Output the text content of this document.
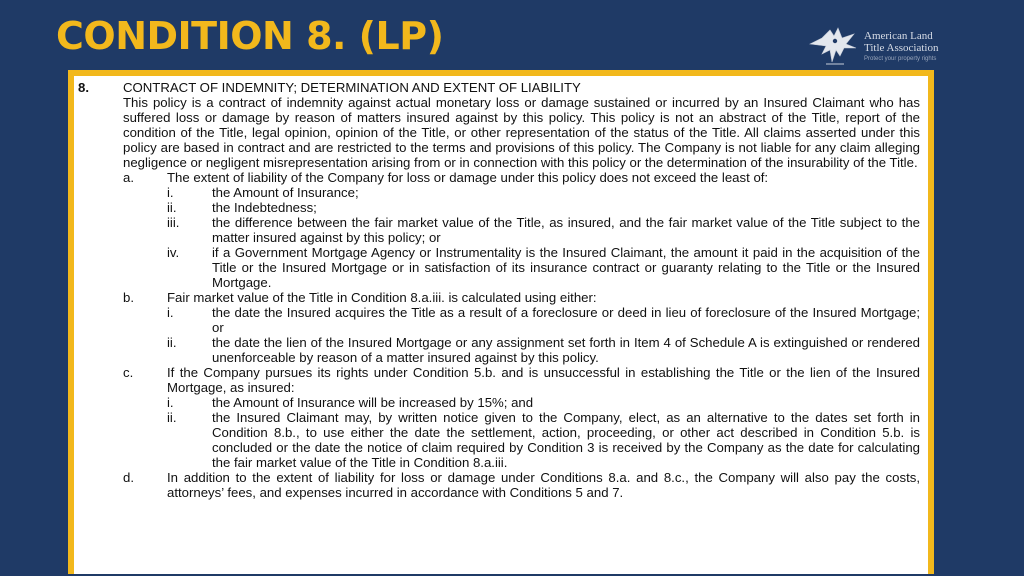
CONDITION 8. (LP)	American Land
Title Association
Protect your property rights
8.	CONTRACT OF INDEMNITY; DETERMINATION AND EXTENT OF LIABILITY
This policy is a contract of indemnity against actual monetary loss or damage sustained or incurred by an Insured Claimant who has suffered loss or damage by reason of matters insured against by this policy. This policy is not an abstract of the Title, report of the condition of the Title, legal opinion, opinion of the Title, or other representation of the status of the Title. All claims asserted under this policy are based in contract and are restricted to the terms and provisions of this policy. The Company is not liable for any claim alleging negligence or negligent misrepresentation arising from or in connection with this policy or the determination of the insurability of the Title.
a.	The extent of liability of the Company for loss or damage under this policy does not exceed the least of:
i.	the Amount of Insurance;
ii.	the Indebtedness;
iii. the difference between the fair market value of the Title, as insured, and the fair market value of the Title subject to the matter insured against by this policy; or
iv. if a Government Mortgage Agency or Instrumentality is the Insured Claimant, the amount it paid in the acquisition of the Title or the Insured Mortgage or in satisfaction of its insurance contract or guaranty relating to the Title or the Insured Mortgage.
b.	Fair market value of the Title in Condition 8.a.iii. is calculated using either:
i.	the date the Insured acquires the Title as a result of a foreclosure or deed in lieu of foreclosure of the Insured Mortgage; or
ii.	the date the lien of the Insured Mortgage or any assignment set forth in Item 4 of Schedule A is extinguished or rendered unenforceable by reason of a matter insured against by this policy.
c.	If the Company pursues its rights under Condition 5.b. and is unsuccessful in establishing the Title or the lien of the Insured Mortgage, as insured:
i.	the Amount of Insurance will be increased by 15%; and
ii.	the Insured Claimant may, by written notice given to the Company, elect, as an alternative to the dates set forth in Condition 8.b., to use either the date the settlement, action, proceeding, or other act described in Condition 5.b. is concluded or the date the notice of claim required by Condition 3 is received by the Company as the date for calculating the fair market value of the Title in Condition 8.a.iii.
d.	In addition to the extent of liability for loss or damage under Conditions 8.a. and 8.c., the Company will also pay the costs, attorneys’ fees, and expenses incurred in accordance with Conditions 5 and 7.
